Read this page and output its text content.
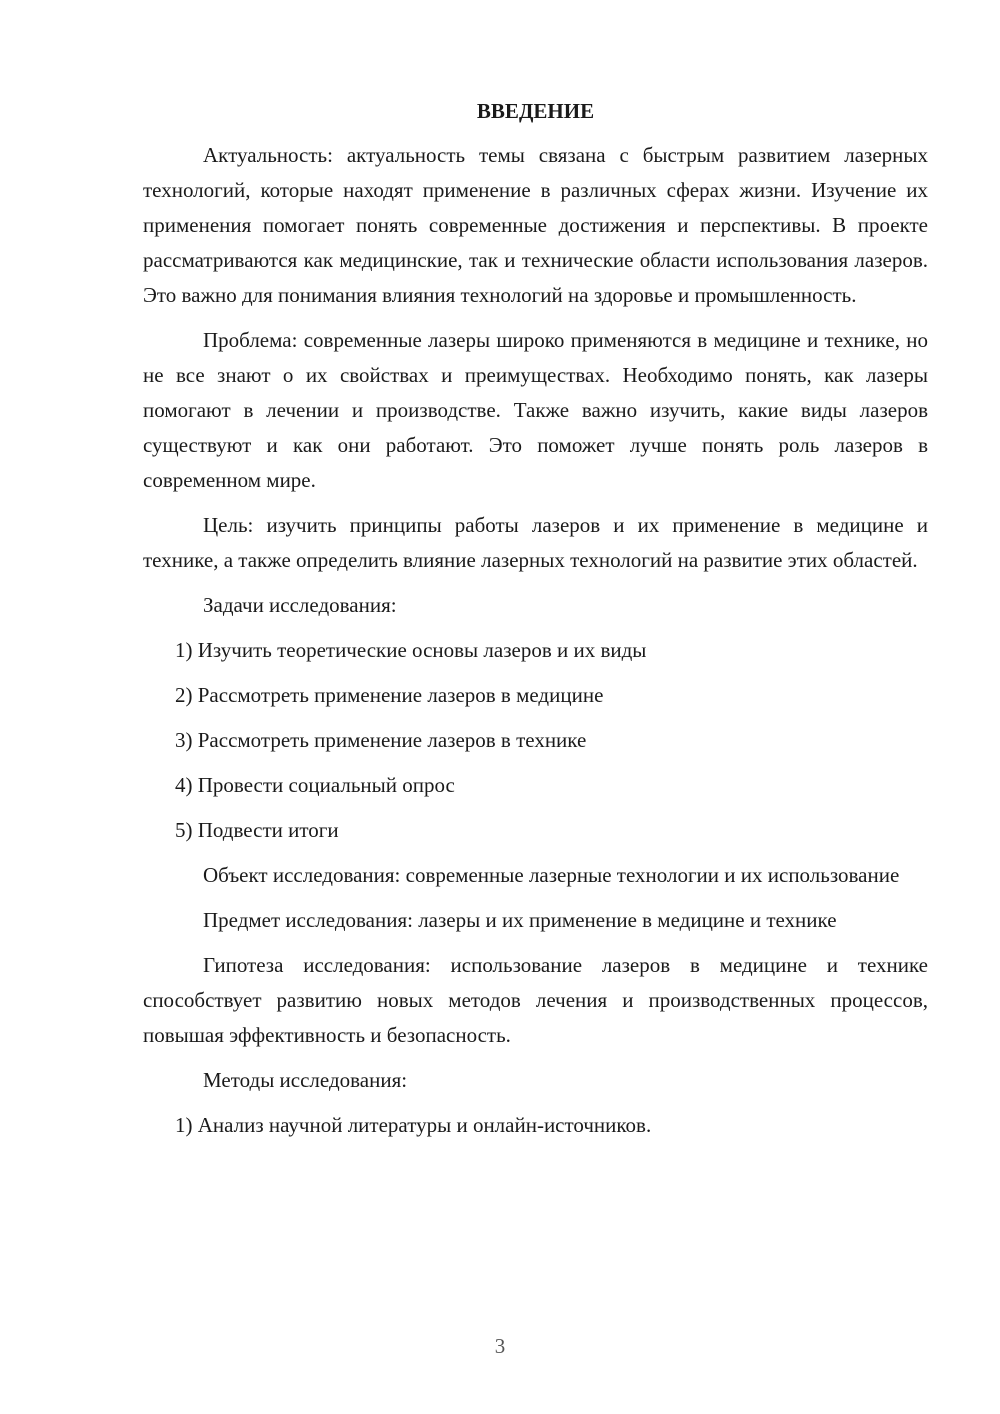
ВВЕДЕНИЕ

Актуальность: актуальность темы связана с быстрым развитием лазерных технологий, которые находят применение в различных сферах жизни. Изучение их применения помогает понять современные достижения и перспективы. В проекте рассматриваются как медицинские, так и технические области использования лазеров. Это важно для понимания влияния технологий на здоровье и промышленность.

Проблема: современные лазеры широко применяются в медицине и технике, но не все знают о их свойствах и преимуществах. Необходимо понять, как лазеры помогают в лечении и производстве. Также важно изучить, какие виды лазеров существуют и как они работают. Это поможет лучше понять роль лазеров в современном мире.

Цель: изучить принципы работы лазеров и их применение в медицине и технике, а также определить влияние лазерных технологий на развитие этих областей.

Задачи исследования:

1) Изучить теоретические основы лазеров и их виды

2) Рассмотреть применение лазеров в медицине

3) Рассмотреть применение лазеров в технике

4) Провести социальный опрос

5) Подвести итоги

Объект исследования: современные лазерные технологии и их использование

Предмет исследования: лазеры и их применение в медицине и технике

Гипотеза исследования: использование лазеров в медицине и технике способствует развитию новых методов лечения и производственных процессов, повышая эффективность и безопасность.

Методы исследования:

1) Анализ научной литературы и онлайн-источников.

3
